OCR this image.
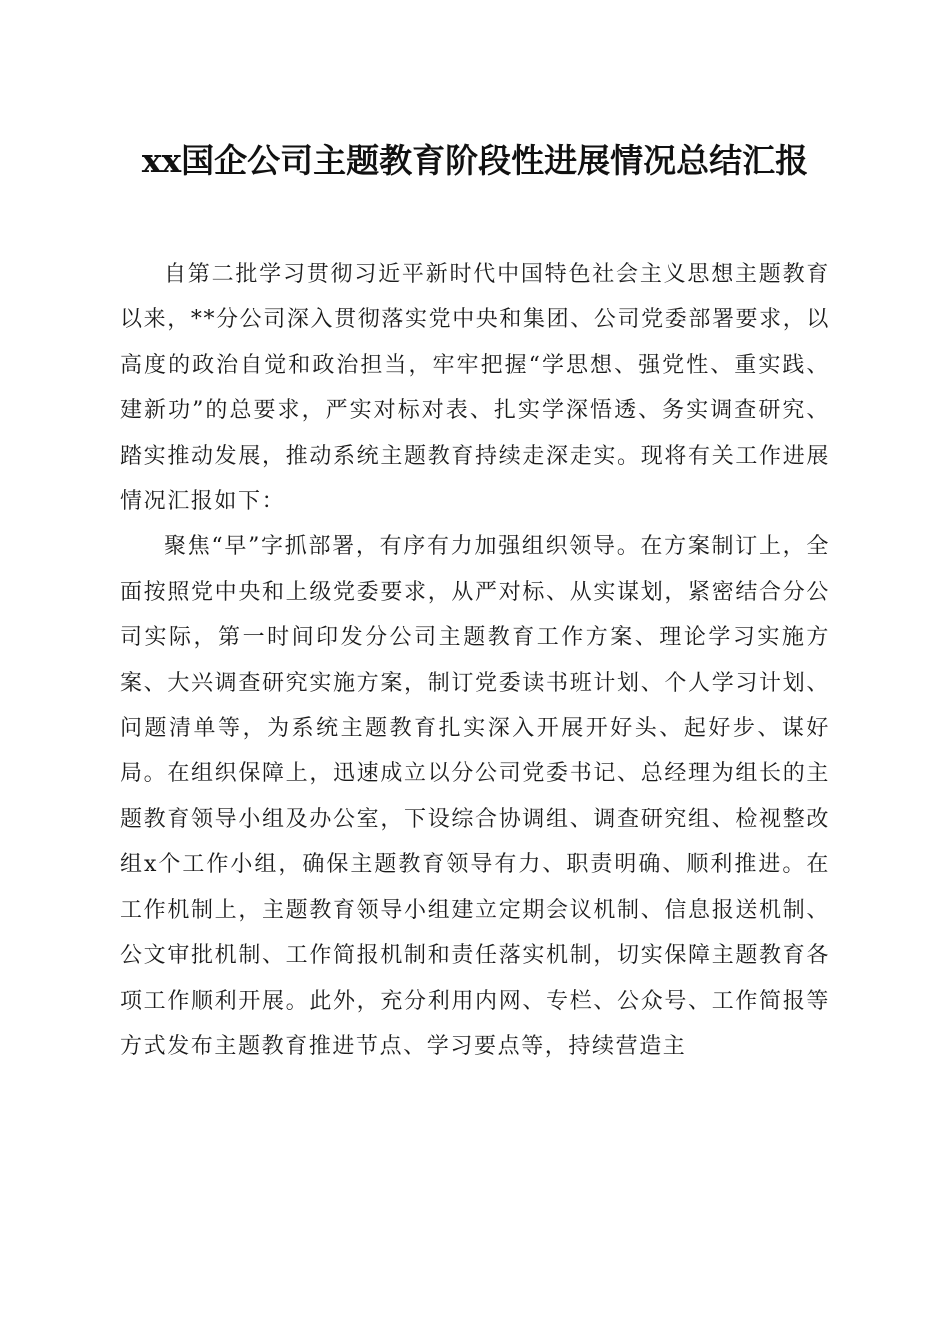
xx国企公司主题教育阶段性进展情况总结汇报

自第二批学习贯彻习近平新时代中国特色社会主义思想主题教育以来，**分公司深入贯彻落实党中央和集团、公司党委部署要求，以高度的政治自觉和政治担当，牢牢把握“学思想、强党性、重实践、建新功”的总要求，严实对标对表、扎实学深悟透、务实调查研究、踏实推动发展，推动系统主题教育持续走深走实。现将有关工作进展情况汇报如下：

聚焦“早”字抓部署，有序有力加强组织领导。在方案制订上，全面按照党中央和上级党委要求，从严对标、从实谋划，紧密结合分公司实际，第一时间印发分公司主题教育工作方案、理论学习实施方案、大兴调查研究实施方案，制订党委读书班计划、个人学习计划、问题清单等，为系统主题教育扎实深入开展开好头、起好步、谋好局。在组织保障上，迅速成立以分公司党委书记、总经理为组长的主题教育领导小组及办公室，下设综合协调组、调查研究组、检视整改组x个工作小组，确保主题教育领导有力、职责明确、顺利推进。在工作机制上，主题教育领导小组建立定期会议机制、信息报送机制、公文审批机制、工作简报机制和责任落实机制，切实保障主题教育各项工作顺利开展。此外，充分利用内网、专栏、公众号、工作简报等方式发布主题教育推进节点、学习要点等，持续营造主
